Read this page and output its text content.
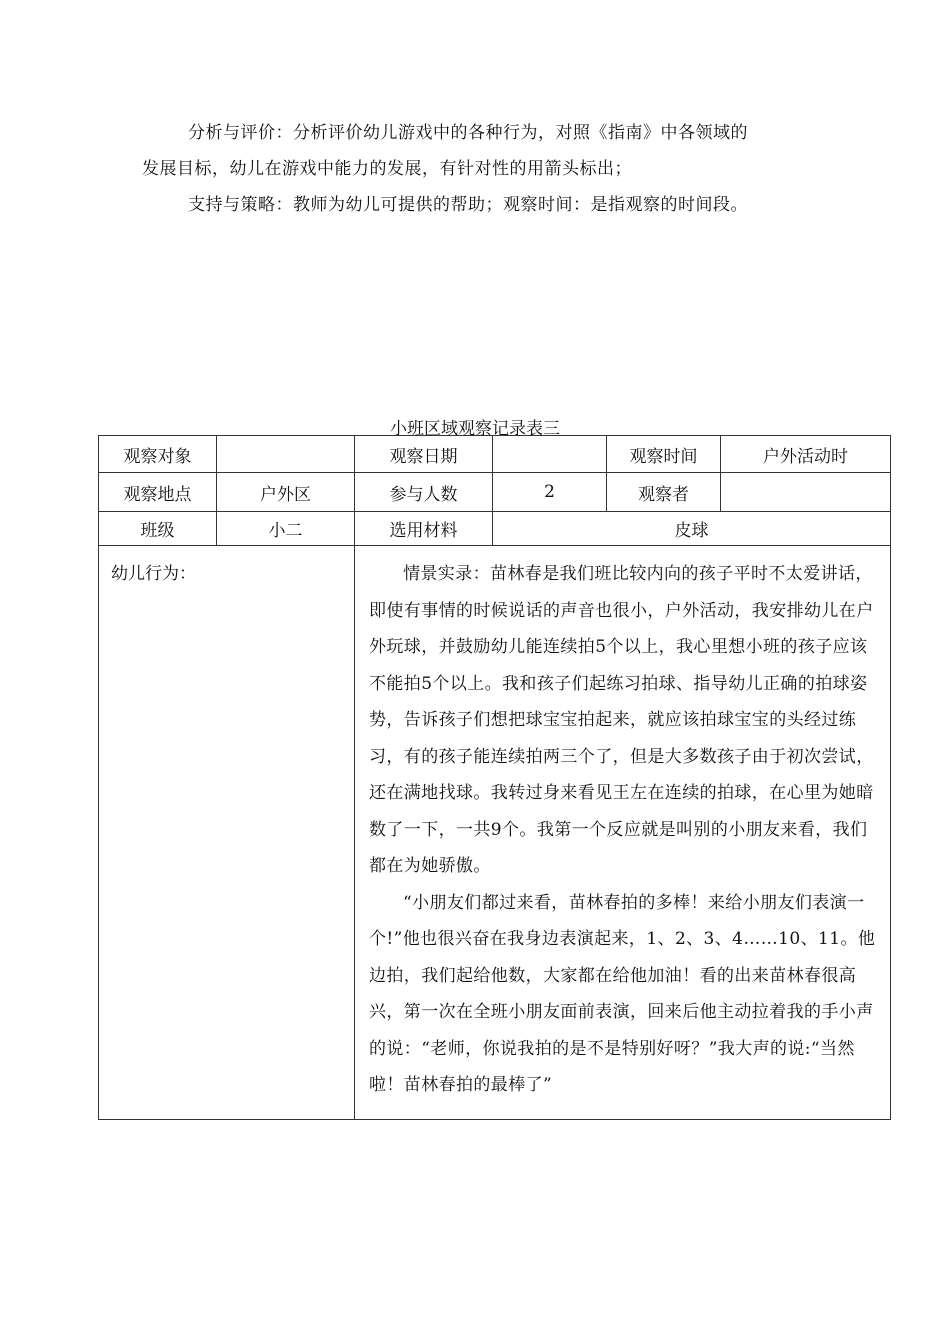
分析与评价：分析评价幼儿游戏中的各种行为，对照《指南》中各领域的

发展目标，幼儿在游戏中能力的发展，有针对性的用箭头标出；

支持与策略：教师为幼儿可提供的帮助；观察时间：是指观察的时间段。

小班区域观察记录表三
观察对象		观察日期		观察时间	户外活动时
观察地点	户外区	参与人数	2	观察者	
班级	小二	选用材料	皮球		
幼儿行为：		情景实录：苗林春是我们班比较内向的孩子平时不太爱讲话，即使有事情的时候说话的声音也很小，户外活动，我安排幼儿在户外玩球，并鼓励幼儿能连续拍5个以上，我心里想小班的孩子应该不能拍5个以上。我和孩子们起练习拍球、指导幼儿正确的拍球姿势，告诉孩子们想把球宝宝拍起来，就应该拍球宝宝的头经过练习，有的孩子能连续拍两三个了，但是大多数孩子由于初次尝试，还在满地找球。我转过身来看见王左在连续的拍球，在心里为她暗数了一下，一共9个。我第一个反应就是叫别的小朋友来看，我们都在为她骄傲。

“小朋友们都过来看，苗林春拍的多棒！来给小朋友们表演一个!”他也很兴奋在我身边表演起来，1、2、3、4……10、11。他边拍，我们起给他数，大家都在给他加油！看的出来苗林春很高兴，第一次在全班小朋友面前表演，回来后他主动拉着我的手小声的说：“老师，你说我拍的是不是特别好呀？”我大声的说:“当然啦！苗林春拍的最棒了”			
